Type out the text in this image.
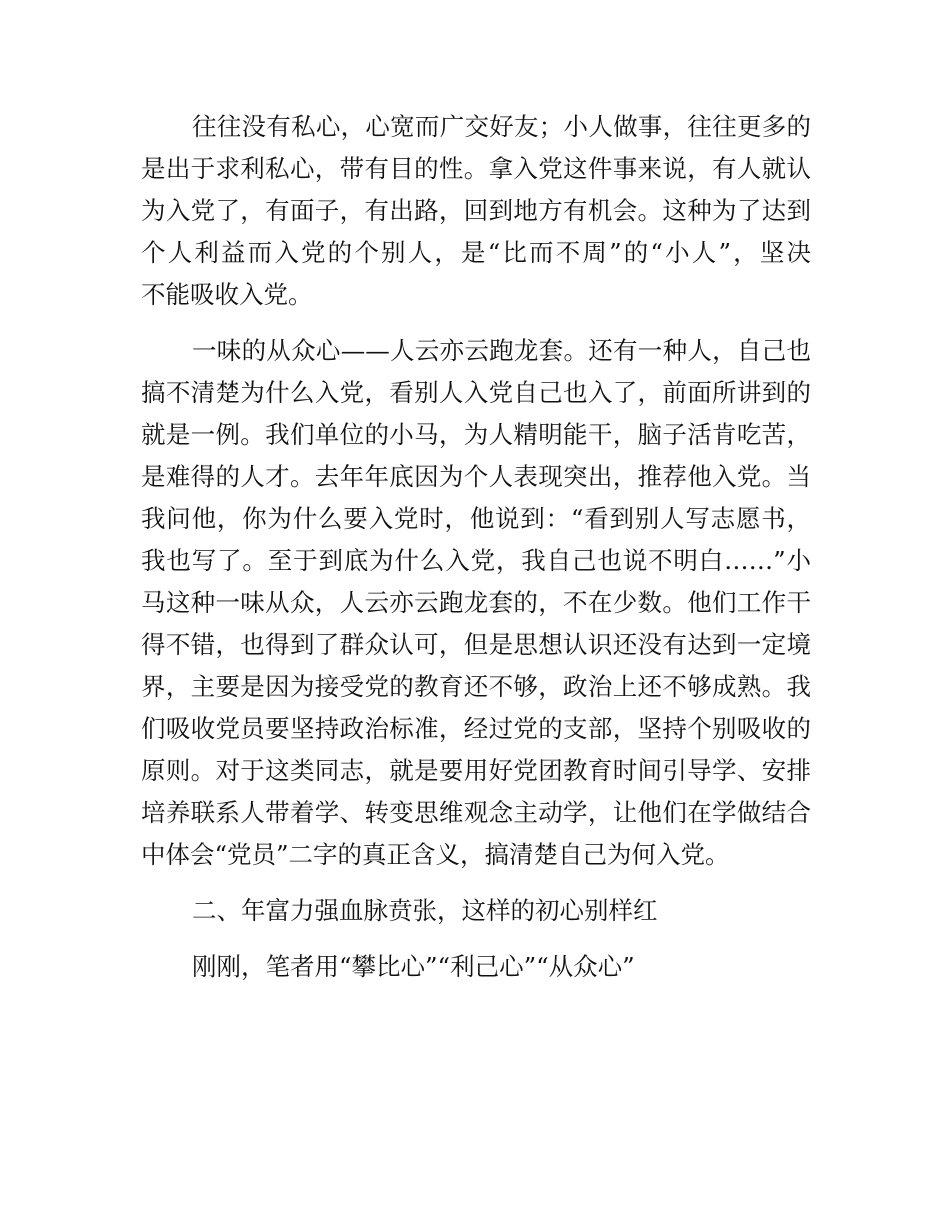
往往没有私心，心宽而广交好友；小人做事，往往更多的
是出于求利私心，带有目的性。拿入党这件事来说，有人就认
为入党了，有面子，有出路，回到地方有机会。这种为了达到
个人利益而入党的个别人，是“比而不周”的“小人”，坚决
不能吸收入党。
一味的从众心——人云亦云跑龙套。还有一种人，自己也
搞不清楚为什么入党，看别人入党自己也入了，前面所讲到的
就是一例。我们单位的小马，为人精明能干，脑子活肯吃苦，
是难得的人才。去年年底因为个人表现突出，推荐他入党。当
我问他，你为什么要入党时，他说到：“看到别人写志愿书，
我也写了。至于到底为什么入党，我自己也说不明白……”小
马这种一味从众，人云亦云跑龙套的，不在少数。他们工作干
得不错，也得到了群众认可，但是思想认识还没有达到一定境
界，主要是因为接受党的教育还不够，政治上还不够成熟。我
们吸收党员要坚持政治标准，经过党的支部，坚持个别吸收的
原则。对于这类同志，就是要用好党团教育时间引导学、安排
培养联系人带着学、转变思维观念主动学，让他们在学做结合
中体会“党员”二字的真正含义，搞清楚自己为何入党。
二、年富力强血脉贲张，这样的初心别样红
刚刚，笔者用“攀比心”“利己心”“从众心”
